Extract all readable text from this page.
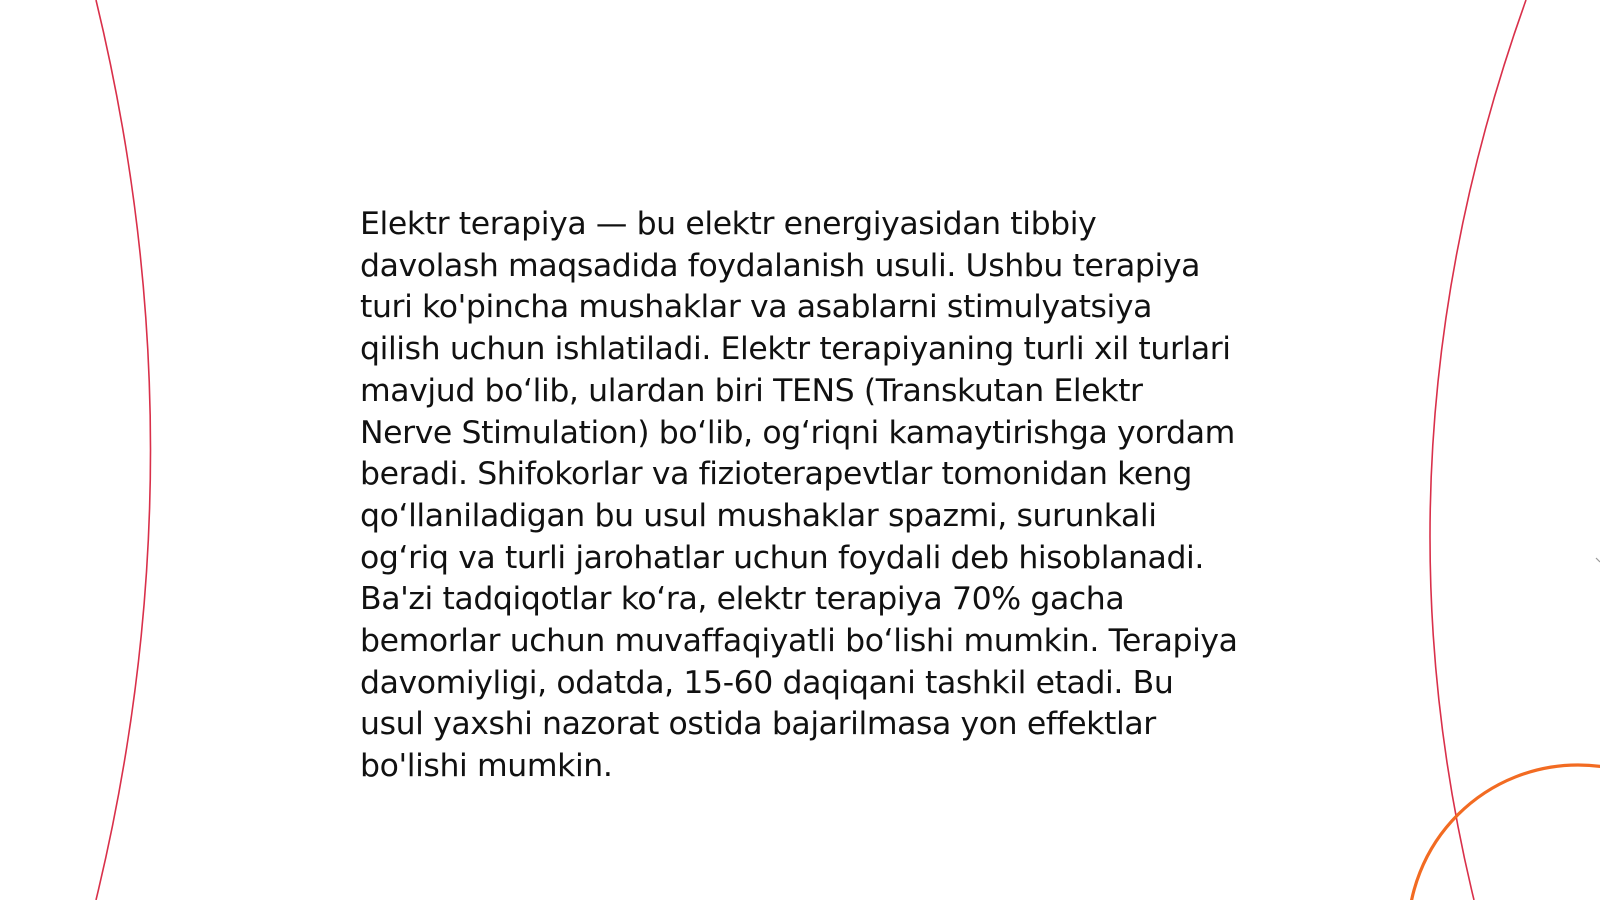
Elektr terapiya — bu elektr energiyasidan tibbiy davolash maqsadida foydalanish usuli. Ushbu terapiya turi ko'pincha mushaklar va asablarni stimulyatsiya qilish uchun ishlatiladi. Elektr terapiyaning turli xil turlari mavjud bo‘lib, ulardan biri TENS (Transkutan Elektr Nerve Stimulation) bo‘lib, og‘riqni kamaytirishga yordam beradi. Shifokorlar va fizioterapevtlar tomonidan keng qo‘llaniladigan bu usul mushaklar spazmi, surunkali og‘riq va turli jarohatlar uchun foydali deb hisoblanadi. Ba'zi tadqiqotlar ko‘ra, elektr terapiya 70% gacha bemorlar uchun muvaffaqiyatli bo‘lishi mumkin. Terapiya davomiyligi, odatda, 15-60 daqiqani tashkil etadi. Bu usul yaxshi nazorat ostida bajarilmasa yon effektlar bo'lishi mumkin.
